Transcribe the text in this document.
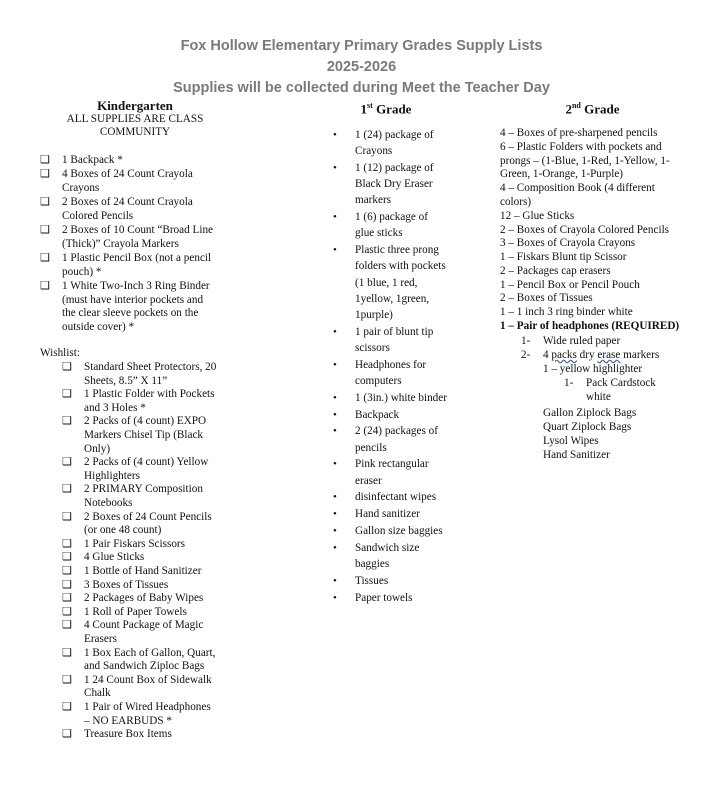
Fox Hollow Elementary Primary Grades Supply Lists
2025-2026
Supplies will be collected during Meet the Teacher Day
Kindergarten
ALL SUPPLIES ARE CLASS
COMMUNITY
❑ 1 Backpack *
❑ 4 Boxes of 24 Count Crayola
Crayons
❑ 2 Boxes of 24 Count Crayola
Colored Pencils
❑ 2 Boxes of 10 Count “Broad Line
(Thick)” Crayola Markers
❑ 1 Plastic Pencil Box (not a pencil
pouch) *
❑ 1 White Two-Inch 3 Ring Binder
(must have interior pockets and
the clear sleeve pockets on the
outside cover) *
Wishlist:
❑ Standard Sheet Protectors, 20
Sheets, 8.5” X 11”
❑ 1 Plastic Folder with Pockets
and 3 Holes *
❑ 2 Packs of (4 count) EXPO
Markers Chisel Tip (Black
Only)
❑ 2 Packs of (4 count) Yellow
Highlighters
❑ 2 PRIMARY Composition
Notebooks
❑ 2 Boxes of 24 Count Pencils
(or one 48 count)
❑ 1 Pair Fiskars Scissors
❑ 4 Glue Sticks
❑ 1 Bottle of Hand Sanitizer
❑ 3 Boxes of Tissues
❑ 2 Packages of Baby Wipes
❑ 1 Roll of Paper Towels
❑ 4 Count Package of Magic
Erasers
❑ 1 Box Each of Gallon, Quart,
and Sandwich Ziploc Bags
❑ 1 24 Count Box of Sidewalk
Chalk
❑ 1 Pair of Wired Headphones
– NO EARBUDS *
❑ Treasure Box Items
1st Grade
• 1 (24) package of
Crayons
• 1 (12) package of
Black Dry Eraser
markers
• 1 (6) package of
glue sticks
• Plastic three prong
folders with pockets
(1 blue, 1 red,
1yellow, 1green,
1purple)
• 1 pair of blunt tip
scissors
• Headphones for
computers
• 1 (3in.) white binder
• Backpack
• 2 (24) packages of
pencils
• Pink rectangular
eraser
• disinfectant wipes
• Hand sanitizer
• Gallon size baggies
• Sandwich size
baggies
• Tissues
• Paper towels
2nd Grade
4 – Boxes of pre-sharpened pencils
6 – Plastic Folders with pockets and
prongs – (1-Blue, 1-Red, 1-Yellow, 1-
Green, 1-Orange, 1-Purple)
4 – Composition Book (4 different
colors)
12 – Glue Sticks
2 – Boxes of Crayola Colored Pencils
3 – Boxes of Crayola Crayons
1 – Fiskars Blunt tip Scissor
2 – Packages cap erasers
1 – Pencil Box or Pencil Pouch
2 – Boxes of Tissues
1 – 1 inch 3 ring binder white
1 – Pair of headphones (REQUIRED)
1- Wide ruled paper
2- 4 packs dry erase markers
1 – yellow highlighter
1- Pack Cardstock
white
Gallon Ziplock Bags
Quart Ziplock Bags
Lysol Wipes
Hand Sanitizer
